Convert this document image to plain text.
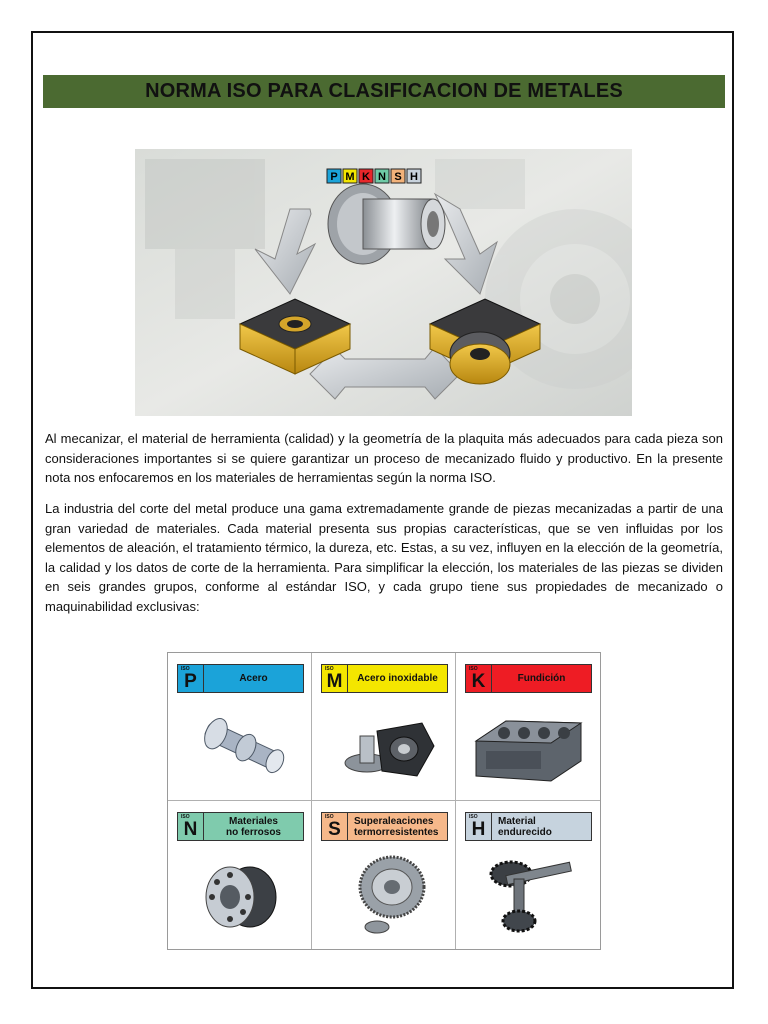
NORMA ISO PARA CLASIFICACION DE METALES
P M K N S H

Al mecanizar, el material de herramienta (calidad) y la geometría de la plaquita más adecuados para cada pieza son consideraciones importantes si se quiere garantizar un proceso de mecanizado fluido y productivo. En la presente nota nos enfocaremos en los materiales de herramientas según la norma ISO.

La industria del corte del metal produce una gama extremadamente grande de piezas mecanizadas a partir de una gran variedad de materiales. Cada material presenta sus propias características, que se ven influidas por los elementos de aleación, el tratamiento térmico, la dureza, etc. Estas, a su vez, influyen en la elección de la geometría, la calidad y los datos de corte de la herramienta. Para simplificar la elección, los materiales de las piezas se dividen en seis grandes grupos, conforme al estándar ISO, y cada grupo tiene sus propiedades de mecanizado o maquinabilidad exclusivas:

ISO
P	Acero
ISO
M	Acero inoxidable
ISO
K	Fundición
ISO
N	Materiales
no ferrosos
ISO
S Superaleaciones
termorresistentes
ISO
H Material
endurecido
